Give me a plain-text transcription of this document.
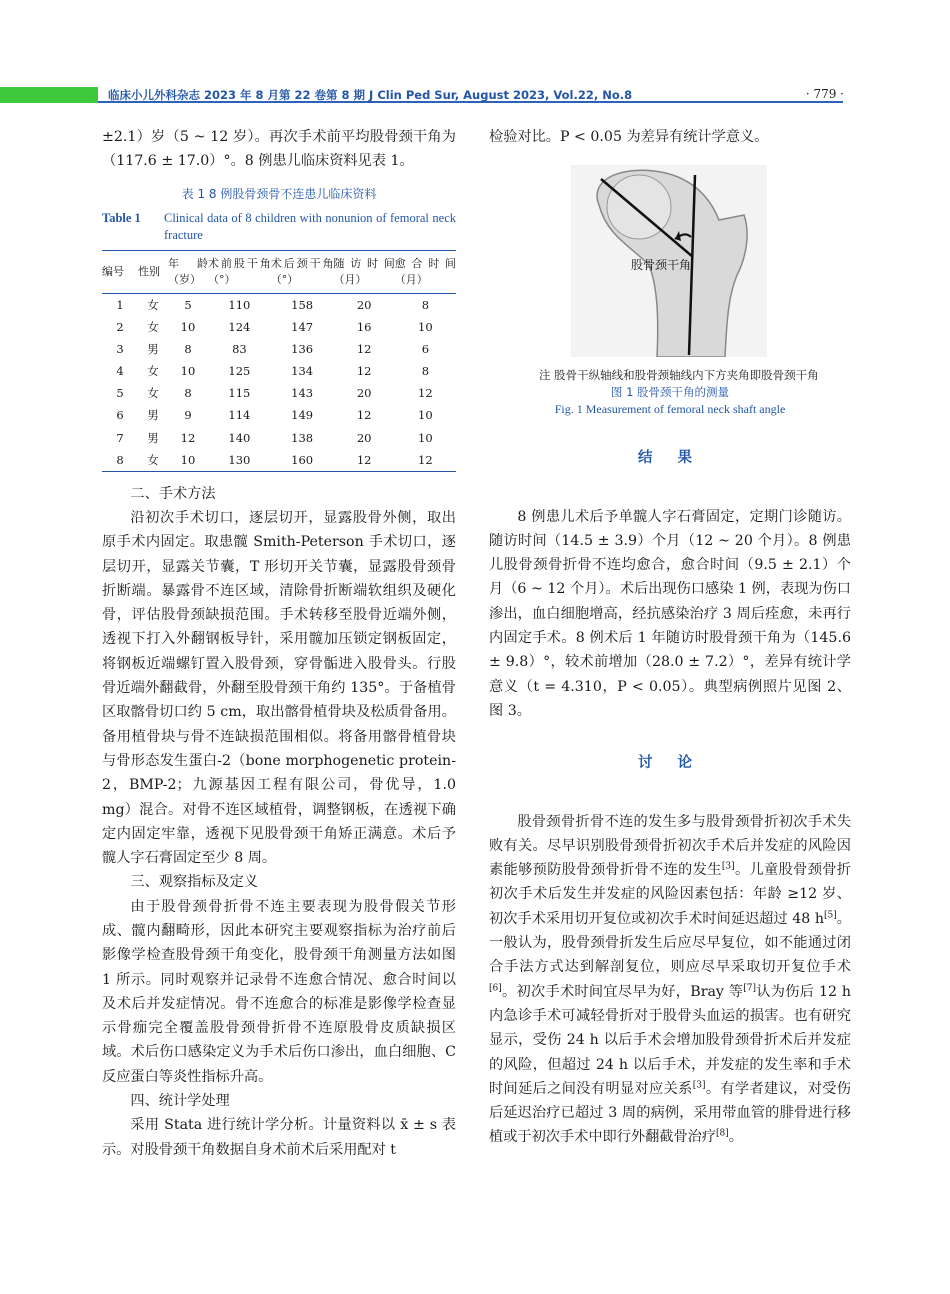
临床小儿外科杂志 2023 年 8 月第 22 卷第 8 期 J Clin Ped Sur, August 2023, Vol.22, No.8	· 779 ·

±2.1）岁（5 ~ 12 岁）。再次手术前平均股骨颈干角为（117.6 ± 17.0）°。8 例患儿临床资料见表 1。

表 1 8 例股骨颈骨不连患儿临床资料
Table 1	Clinical data of 8 children with nonunion of femoral neck fracture
编号	性别	年龄（岁）	术前股干角（°）	术后颈干角（°）	随访时间（月）	愈合时间（月）
1	女	5	110	158	20	8
2	女	10	124	147	16	10
3	男	8	83	136	12	6
4	女	10	125	134	12	8
5	女	8	115	143	20	12
6	男	9	114	149	12	10
7	男	12	140	138	20	10
8	女	10	130	160	12	12

二、手术方法

沿初次手术切口，逐层切开，显露股骨外侧，取出原手术内固定。取患髋 Smith-Peterson 手术切口，逐层切开，显露关节囊，T 形切开关节囊，显露股骨颈骨折断端。暴露骨不连区域，清除骨折断端软组织及硬化骨，评估股骨颈缺损范围。手术转移至股骨近端外侧，透视下打入外翻钢板导针，采用髋加压锁定钢板固定，将钢板近端螺钉置入股骨颈，穿骨骺进入股骨头。行股骨近端外翻截骨，外翻至股骨颈干角约 135°。于备植骨区取髂骨切口约 5 cm，取出髂骨植骨块及松质骨备用。备用植骨块与骨不连缺损范围相似。将备用髂骨植骨块与骨形态发生蛋白-2（bone morphogenetic protein-2，BMP-2；九源基因工程有限公司，骨优导，1.0 mg）混合。对骨不连区域植骨，调整钢板，在透视下确定内固定牢靠，透视下见股骨颈干角矫正满意。术后予髋人字石膏固定至少 8 周。

三、观察指标及定义

由于股骨颈骨折骨不连主要表现为股骨假关节形成、髋内翻畸形，因此本研究主要观察指标为治疗前后影像学检查股骨颈干角变化，股骨颈干角测量方法如图 1 所示。同时观察并记录骨不连愈合情况、愈合时间以及术后并发症情况。骨不连愈合的标准是影像学检查显示骨痂完全覆盖股骨颈骨折骨不连原股骨皮质缺损区域。术后伤口感染定义为手术后伤口渗出，血白细胞、C 反应蛋白等炎性指标升高。

四、统计学处理

采用 Stata 进行统计学分析。计量资料以 x̄ ± s 表示。对股骨颈干角数据自身术前术后采用配对 t

检验对比。P < 0.05 为差异有统计学意义。

股骨颈干角
注 股骨干纵轴线和股骨颈轴线内下方夹角即股骨颈干角
图 1 股骨颈干角的测量
Fig. 1 Measurement of femoral neck shaft angle
结 果

8 例患儿术后予单髋人字石膏固定，定期门诊随访。随访时间（14.5 ± 3.9）个月（12 ~ 20 个月）。8 例患儿股骨颈骨折骨不连均愈合，愈合时间（9.5 ± 2.1）个月（6 ~ 12 个月）。术后出现伤口感染 1 例，表现为伤口渗出，血白细胞增高，经抗感染治疗 3 周后痊愈，未再行内固定手术。8 例术后 1 年随访时股骨颈干角为（145.6 ± 9.8）°，较术前增加（28.0 ± 7.2）°，差异有统计学意义（t = 4.310，P < 0.05）。典型病例照片见图 2、图 3。

讨 论

股骨颈骨折骨不连的发生多与股骨颈骨折初次手术失败有关。尽早识别股骨颈骨折初次手术后并发症的风险因素能够预防股骨颈骨折骨不连的发生[3]。儿童股骨颈骨折初次手术后发生并发症的风险因素包括：年龄 ≥12 岁、初次手术采用切开复位或初次手术时间延迟超过 48 h[5]。一般认为，股骨颈骨折发生后应尽早复位，如不能通过闭合手法方式达到解剖复位，则应尽早采取切开复位手术[6]。初次手术时间宜尽早为好，Bray 等[7]认为伤后 12 h 内急诊手术可减轻骨折对于股骨头血运的损害。也有研究显示，受伤 24 h 以后手术会增加股骨颈骨折术后并发症的风险，但超过 24 h 以后手术，并发症的发生率和手术时间延后之间没有明显对应关系[3]。有学者建议，对受伤后延迟治疗已超过 3 周的病例，采用带血管的腓骨进行移植或于初次手术中即行外翻截骨治疗[8]。
